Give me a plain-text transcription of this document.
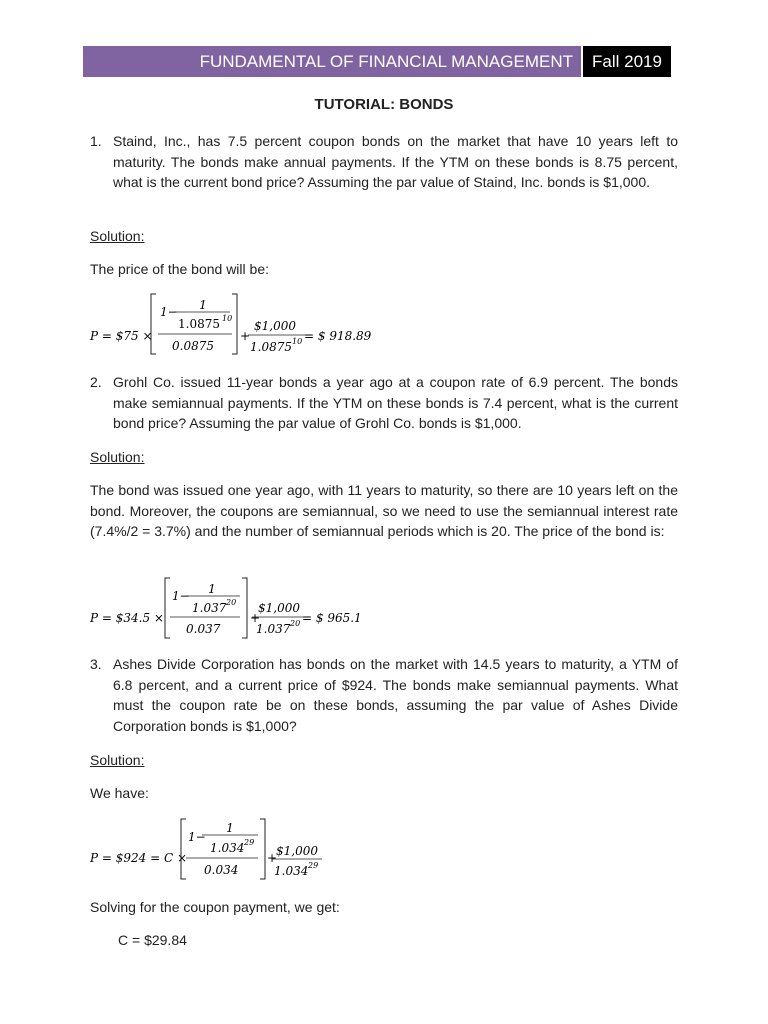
FUNDAMENTAL OF FINANCIAL MANAGEMENT	Fall 2019
TUTORIAL: BONDS
1. Staind, Inc., has 7.5 percent coupon bonds on the market that have 10 years left to maturity. The bonds make annual payments. If the YTM on these bonds is 8.75 percent, what is the current bond price? Assuming the par value of Staind, Inc. bonds is $1,000.
Solution:
The price of the bond will be:
P = $75 ×
1− 1
1.0875 10
0.0875
+
$1,000
1.0875 10 = $ 918.89
2. Grohl Co. issued 11-year bonds a year ago at a coupon rate of 6.9 percent. The bonds make semiannual payments. If the YTM on these bonds is 7.4 percent, what is the current bond price? Assuming the par value of Grohl Co. bonds is $1,000.
Solution:
The bond was issued one year ago, with 11 years to maturity, so there are 10 years left on the bond. Moreover, the coupons are semiannual, so we need to use the semiannual interest rate (7.4%/2 = 3.7%) and the number of semiannual periods which is 20. The price of the bond is:
P = $34.5 ×
1− 1
1.037 20
0.037
+
$1,000
1.037 20 = $ 965.1
3. Ashes Divide Corporation has bonds on the market with 14.5 years to maturity, a YTM of 6.8 percent, and a current price of $924. The bonds make semiannual payments. What must the coupon rate be on these bonds, assuming the par value of Ashes Divide Corporation bonds is $1,000?
Solution:
We have:
P = $924 = C ×
1−
1
1.034 29
0.034
+
$1,000
1.034 29
Solving for the coupon payment, we get:
C = $29.84
